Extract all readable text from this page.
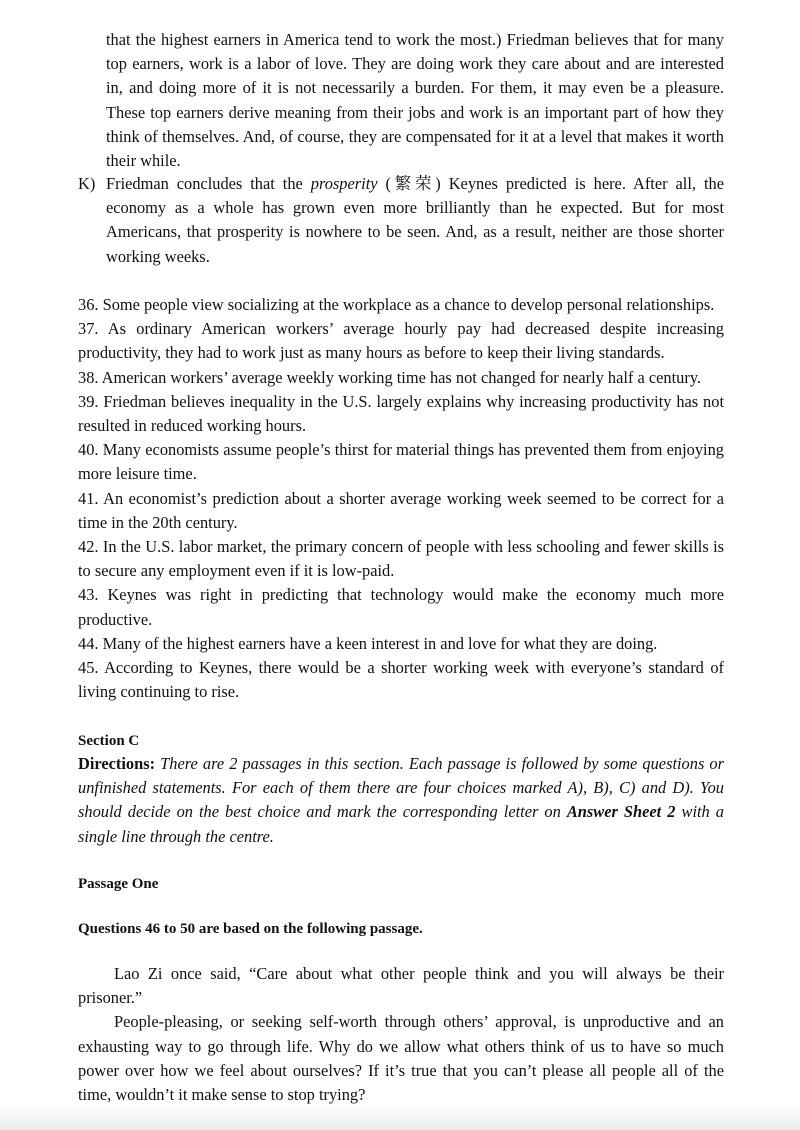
that the highest earners in America tend to work the most.) Friedman believes that for many top earners, work is a labor of love. They are doing work they care about and are interested in, and doing more of it is not necessarily a burden. For them, it may even be a pleasure. These top earners derive meaning from their jobs and work is an important part of how they think of themselves. And, of course, they are compensated for it at a level that makes it worth their while.

K) Friedman concludes that the prosperity (繁荣) Keynes predicted is here. After all, the economy as a whole has grown even more brilliantly than he expected. But for most Americans, that prosperity is nowhere to be seen. And, as a result, neither are those shorter working weeks.

36. Some people view socializing at the workplace as a chance to develop personal relationships.

37. As ordinary American workers’ average hourly pay had decreased despite increasing productivity, they had to work just as many hours as before to keep their living standards.

38. American workers’ average weekly working time has not changed for nearly half a century.

39. Friedman believes inequality in the U.S. largely explains why increasing productivity has not resulted in reduced working hours.

40. Many economists assume people’s thirst for material things has prevented them from enjoying more leisure time.

41. An economist’s prediction about a shorter average working week seemed to be correct for a time in the 20th century.

42. In the U.S. labor market, the primary concern of people with less schooling and fewer skills is to secure any employment even if it is low-paid.

43. Keynes was right in predicting that technology would make the economy much more productive.

44. Many of the highest earners have a keen interest in and love for what they are doing.

45. According to Keynes, there would be a shorter working week with everyone’s standard of living continuing to rise.

Section C

Directions: There are 2 passages in this section. Each passage is followed by some questions or unfinished statements. For each of them there are four choices marked A), B), C) and D). You should decide on the best choice and mark the corresponding letter on Answer Sheet 2 with a single line through the centre.

Passage One
Questions 46 to 50 are based on the following passage.

Lao Zi once said, “Care about what other people think and you will always be their prisoner.”

People-pleasing, or seeking self-worth through others’ approval, is unproductive and an exhausting way to go through life. Why do we allow what others think of us to have so much power over how we feel about ourselves? If it’s true that you can’t please all people all of the time, wouldn’t it make sense to stop trying?
